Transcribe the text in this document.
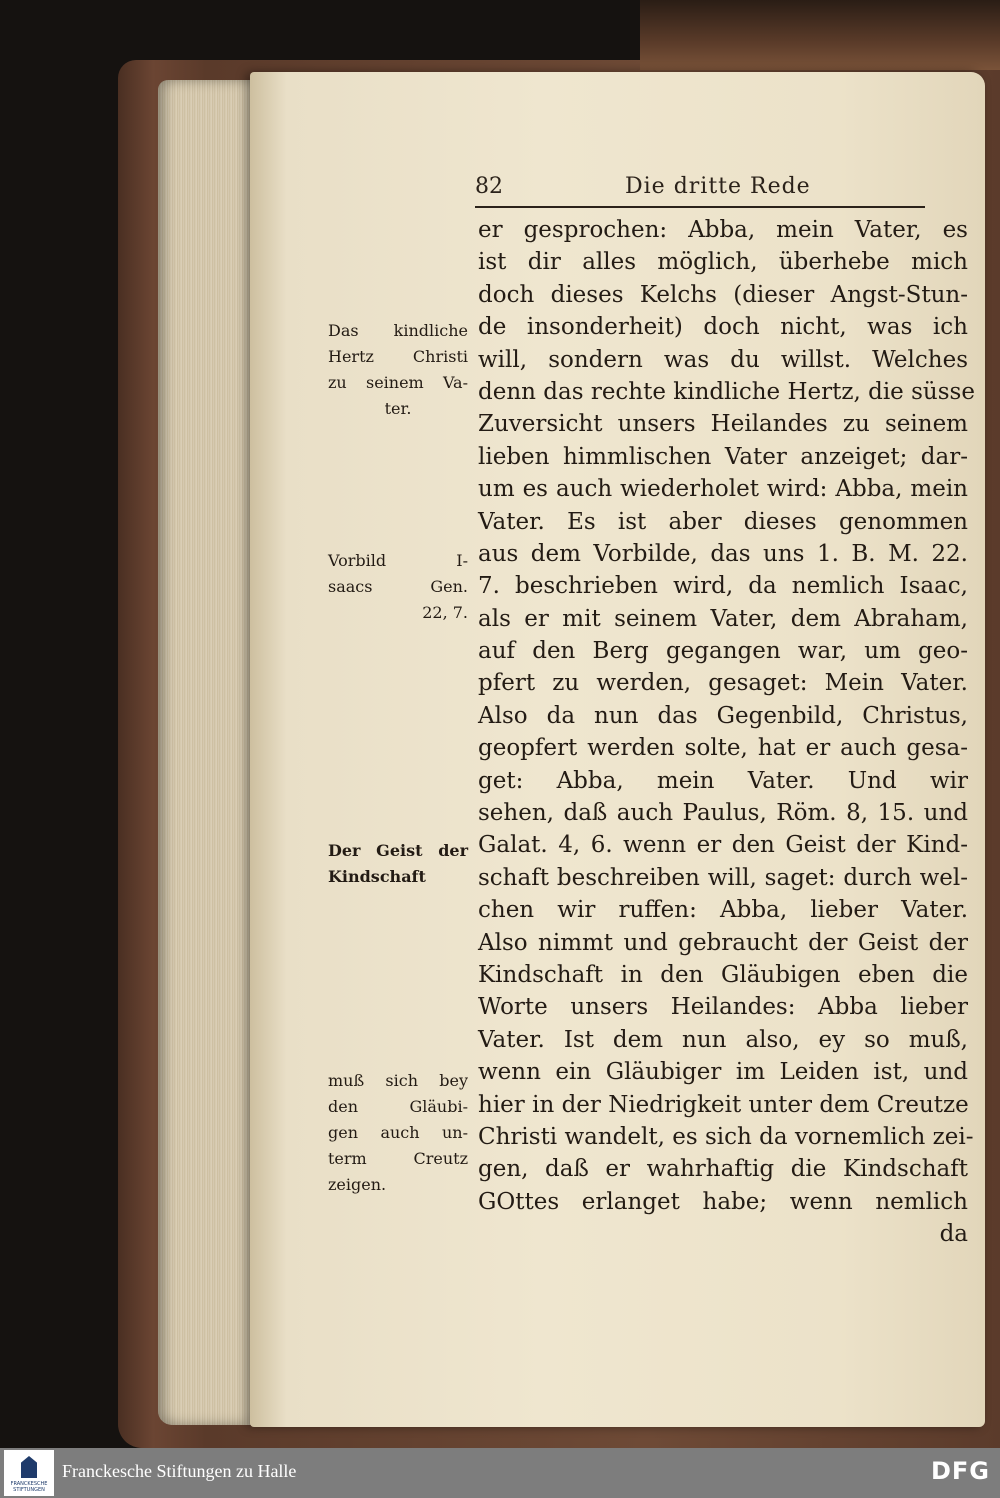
82	Die dritte Rede
er gesprochen: Abba, mein Vater, es
ist dir alles möglich, überhebe mich
doch dieses Kelchs (dieser Angst-Stun-
de insonderheit) doch nicht, was ich
will, sondern was du willst. Welches
denn das rechte kindliche Hertz, die süsse
Zuversicht unsers Heilandes zu seinem
lieben himmlischen Vater anzeiget; dar-
um es auch wiederholet wird: Abba, mein
Vater. Es ist aber dieses genommen
aus dem Vorbilde, das uns 1. B. M. 22.
7. beschrieben wird, da nemlich Isaac,
als er mit seinem Vater, dem Abraham,
auf den Berg gegangen war, um geo-
pfert zu werden, gesaget: Mein Vater.
Also da nun das Gegenbild, Christus,
geopfert werden solte, hat er auch gesa-
get: Abba, mein Vater. Und wir
sehen, daß auch Paulus, Röm. 8, 15. und
Galat. 4, 6. wenn er den Geist der Kind-
schaft beschreiben will, saget: durch wel-
chen wir ruffen: Abba, lieber Vater.
Also nimmt und gebraucht der Geist der
Kindschaft in den Gläubigen eben die
Worte unsers Heilandes: Abba lieber
Vater. Ist dem nun also, ey so muß,
wenn ein Gläubiger im Leiden ist, und
hier in der Niedrigkeit unter dem Creutze
Christi wandelt, es sich da vornemlich zei-
gen, daß er wahrhaftig die Kindschaft
GOttes erlanget habe; wenn nemlich
da
Das kindliche
Hertz Christi
zu seinem Va-
ter.
Vorbild I-
saacs Gen.
22, 7.
Der Geist der
Kindschaft
muß sich bey
den Gläubi-
gen auch un-
term Creutz
zeigen.
FRANCKESCHE STIFTUNGEN
Franckesche Stiftungen zu Halle	DFG
